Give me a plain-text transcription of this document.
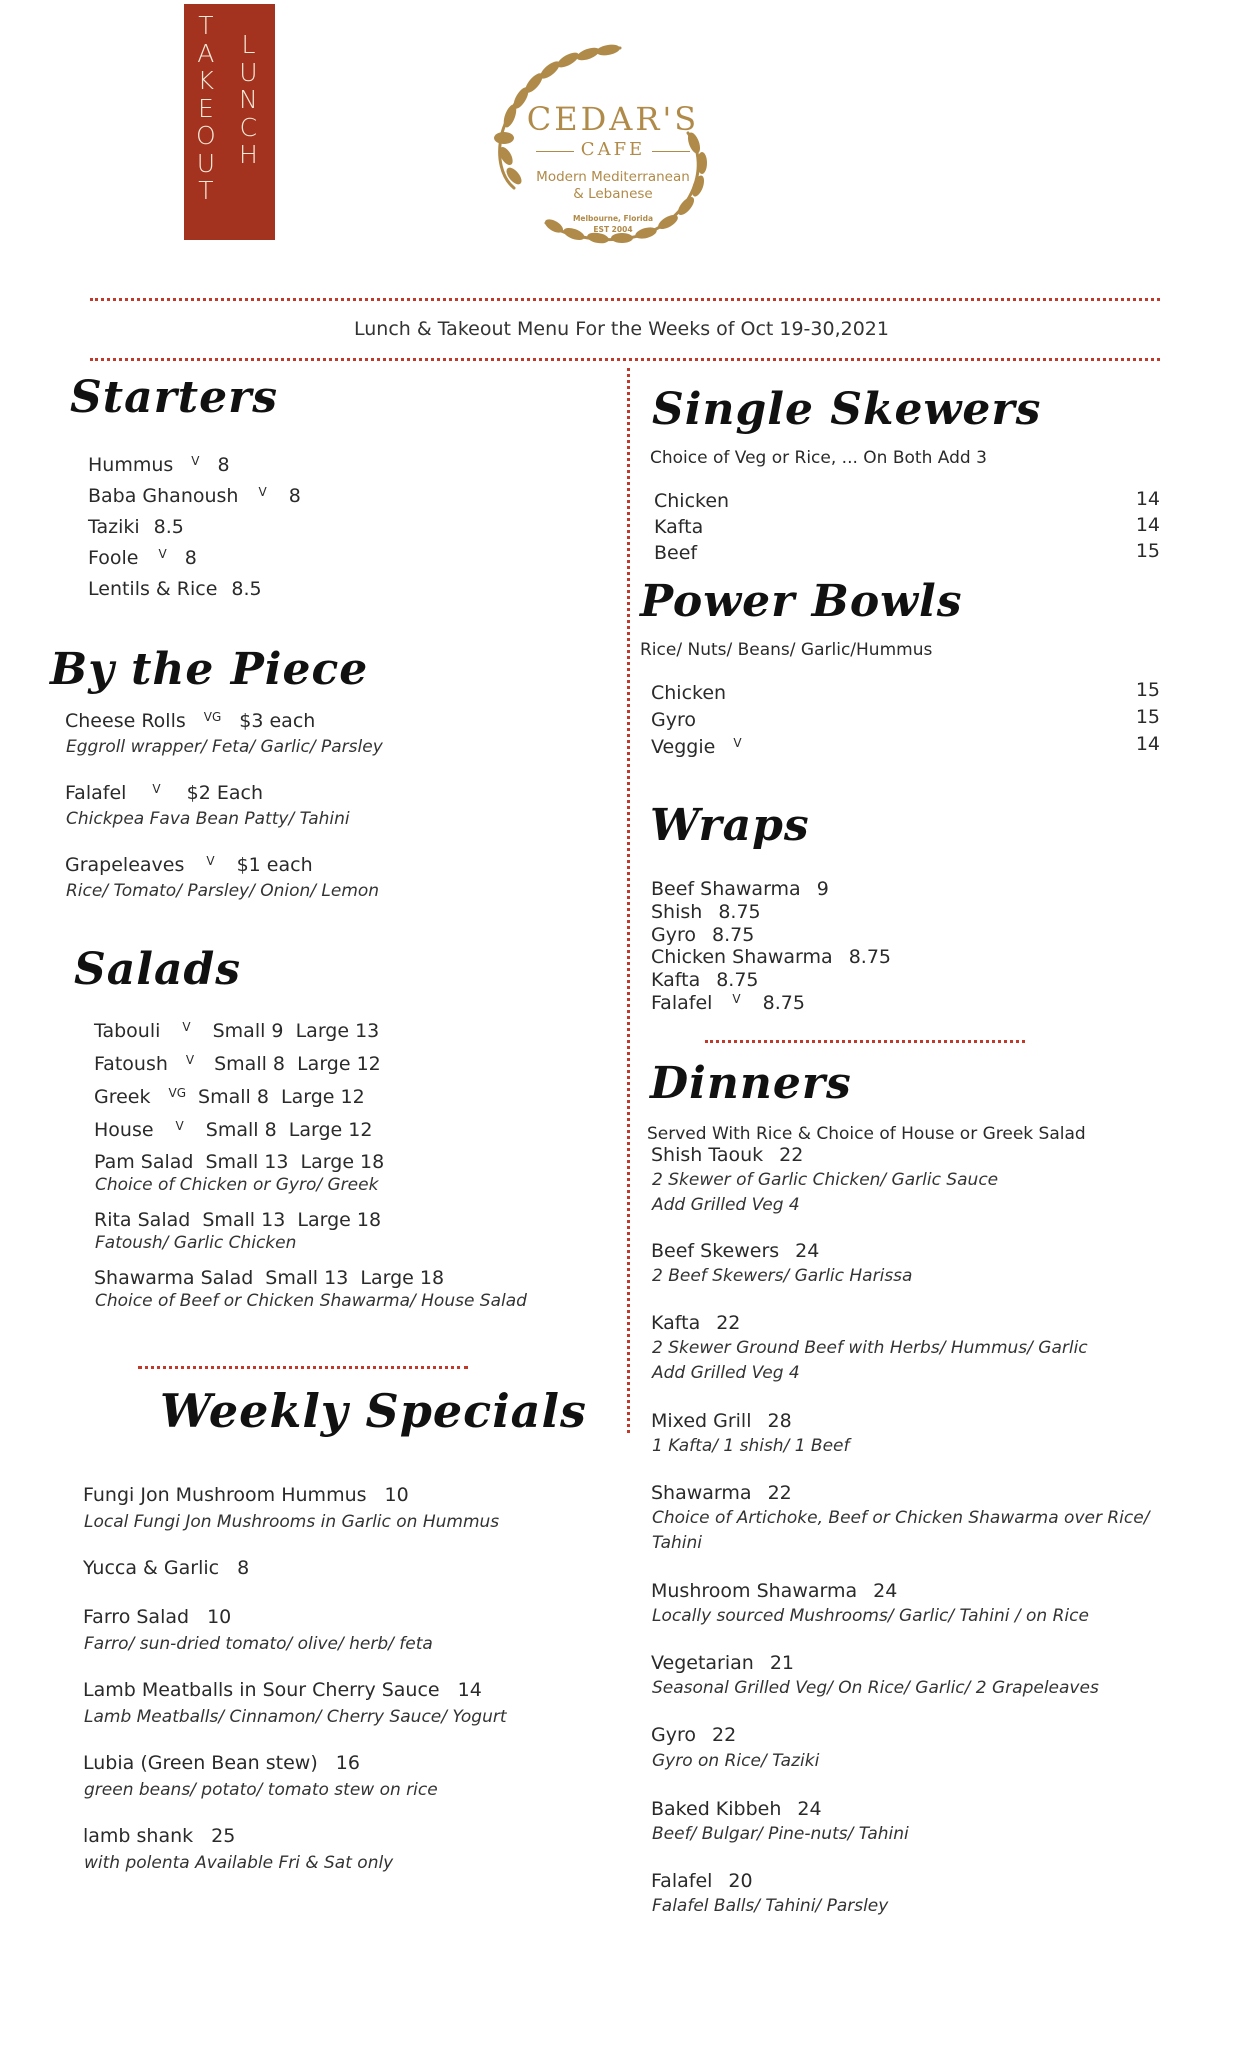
T
A
K
E
O
U
T
L
U
N
C
H
CEDAR'S
CAFE
Modern Mediterranean
& Lebanese
Melbourne, Florida
EST 2004
Lunch & Takeout Menu For the Weeks of Oct 19-30,2021
Starters
Hummus $^V$ 8
Baba Ghanoush $^V$ 8
Taziki 8.5
Foole $^V$ 8
Lentils & Rice 8.5
By the Piece
Cheese Rolls $^{VG}$ $3 each
Eggroll wrapper/ Feta/ Garlic/ Parsley
Falafel $^V$ $2 Each
Chickpea Fava Bean Patty/ Tahini
Grapeleaves $^V$ $1 each
Rice/ Tomato/ Parsley/ Onion/ Lemon
Salads
Tabouli $^V$ Small 9  Large 13
Fatoush $^V$ Small 8  Large 12
Greek $^{VG}$ Small 8  Large 12
House $^V$ Small 8  Large 12
Pam Salad Small 13  Large 18
Choice of Chicken or Gyro/ Greek
Rita Salad Small 13  Large 18
Fatoush/ Garlic Chicken
Shawarma Salad Small 13  Large 18
Choice of Beef or Chicken Shawarma/ House Salad
Weekly Specials
Fungi Jon Mushroom Hummus 10
Local Fungi Jon Mushrooms in Garlic on Hummus
Yucca & Garlic 8
Farro Salad 10
Farro/ sun-dried tomato/ olive/ herb/ feta
Lamb Meatballs in Sour Cherry Sauce 14
Lamb Meatballs/ Cinnamon/ Cherry Sauce/ Yogurt
Lubia (Green Bean stew) 16
green beans/ potato/ tomato stew on rice
lamb shank 25
with polenta Available Fri & Sat only
Single Skewers
Choice of Veg or Rice, ... On Both Add 3
Chicken	14
Kafta	14
Beef	15
Power Bowls
Rice/ Nuts/ Beans/ Garlic/Hummus
Chicken	15
Gyro	15
Veggie $^V$	14
Wraps
Beef Shawarma 9
Shish 8.75
Gyro 8.75
Chicken Shawarma 8.75
Kafta 8.75
Falafel $^V$ 8.75
Dinners
Served With Rice & Choice of House or Greek Salad
Shish Taouk 22
2 Skewer of Garlic Chicken/ Garlic Sauce
Add Grilled Veg 4
Beef Skewers 24
2 Beef Skewers/ Garlic Harissa
Kafta 22
2 Skewer Ground Beef with Herbs/ Hummus/ Garlic
Add Grilled Veg 4
Mixed Grill 28
1 Kafta/ 1 shish/ 1 Beef
Shawarma 22
Choice of Artichoke, Beef or Chicken Shawarma over Rice/
Tahini
Mushroom Shawarma 24
Locally sourced Mushrooms/ Garlic/ Tahini / on Rice
Vegetarian 21
Seasonal Grilled Veg/ On Rice/ Garlic/ 2 Grapeleaves
Gyro 22
Gyro on Rice/ Taziki
Baked Kibbeh 24
Beef/ Bulgar/ Pine-nuts/ Tahini
Falafel 20
Falafel Balls/ Tahini/ Parsley
